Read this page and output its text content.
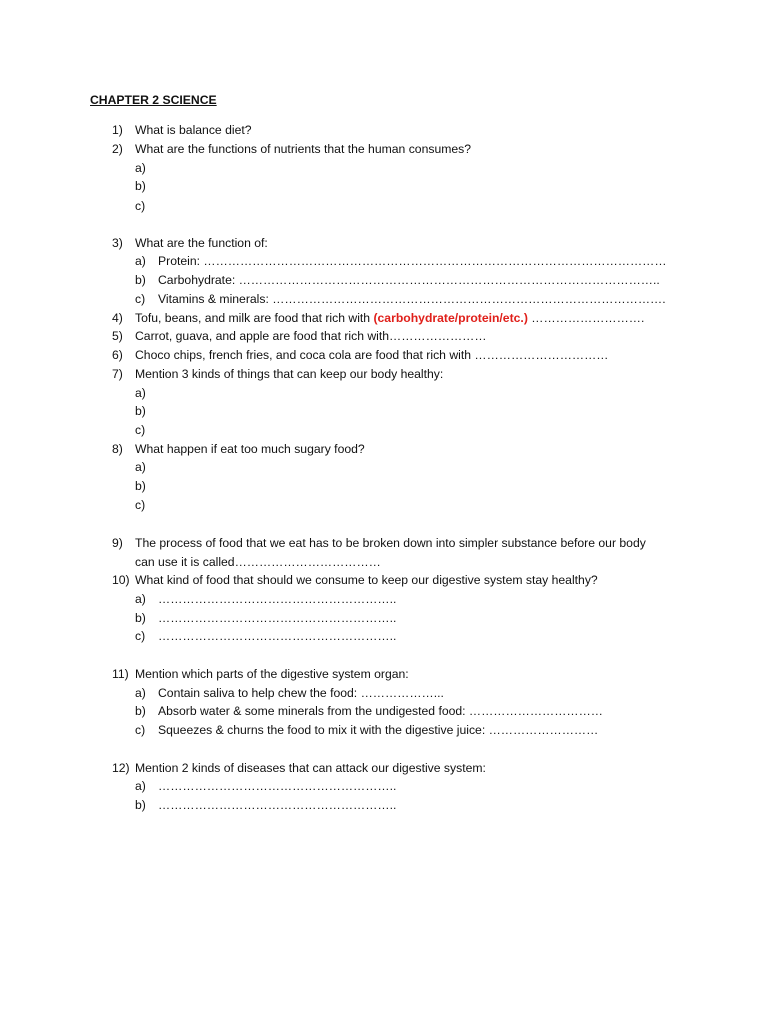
CHAPTER 2 SCIENCE
1) What is balance diet?
2) What are the functions of nutrients that the human consumes?
a)
b)
c)
3) What are the function of:
a) Protein: ……………………………………………………………………………………………………
b) Carbohydrate: …………………………………………………………………………………………..
c) Vitamins & minerals: …………………………………………………………………………………….
4) Tofu, beans, and milk are food that rich with (carbohydrate/protein/etc.) ……………………….
5) Carrot, guava, and apple are food that rich with……………………
6) Choco chips, french fries, and coca cola are food that rich with ……………………………
7) Mention 3 kinds of things that can keep our body healthy:
a)
b)
c)
8) What happen if eat too much sugary food?
a)
b)
c)
9) The process of food that we eat has to be broken down into simpler substance before our body
can use it is called………………………………
10) What kind of food that should we consume to keep our digestive system stay healthy?
a) …………………………………………………..
b) …………………………………………………..
c) …………………………………………………..
11) Mention which parts of the digestive system organ:
a) Contain saliva to help chew the food: ………………...
b) Absorb water & some minerals from the undigested food: ……………………………
c) Squeezes & churns the food to mix it with the digestive juice: ………………………
12) Mention 2 kinds of diseases that can attack our digestive system:
a) …………………………………………………..
b) …………………………………………………..
